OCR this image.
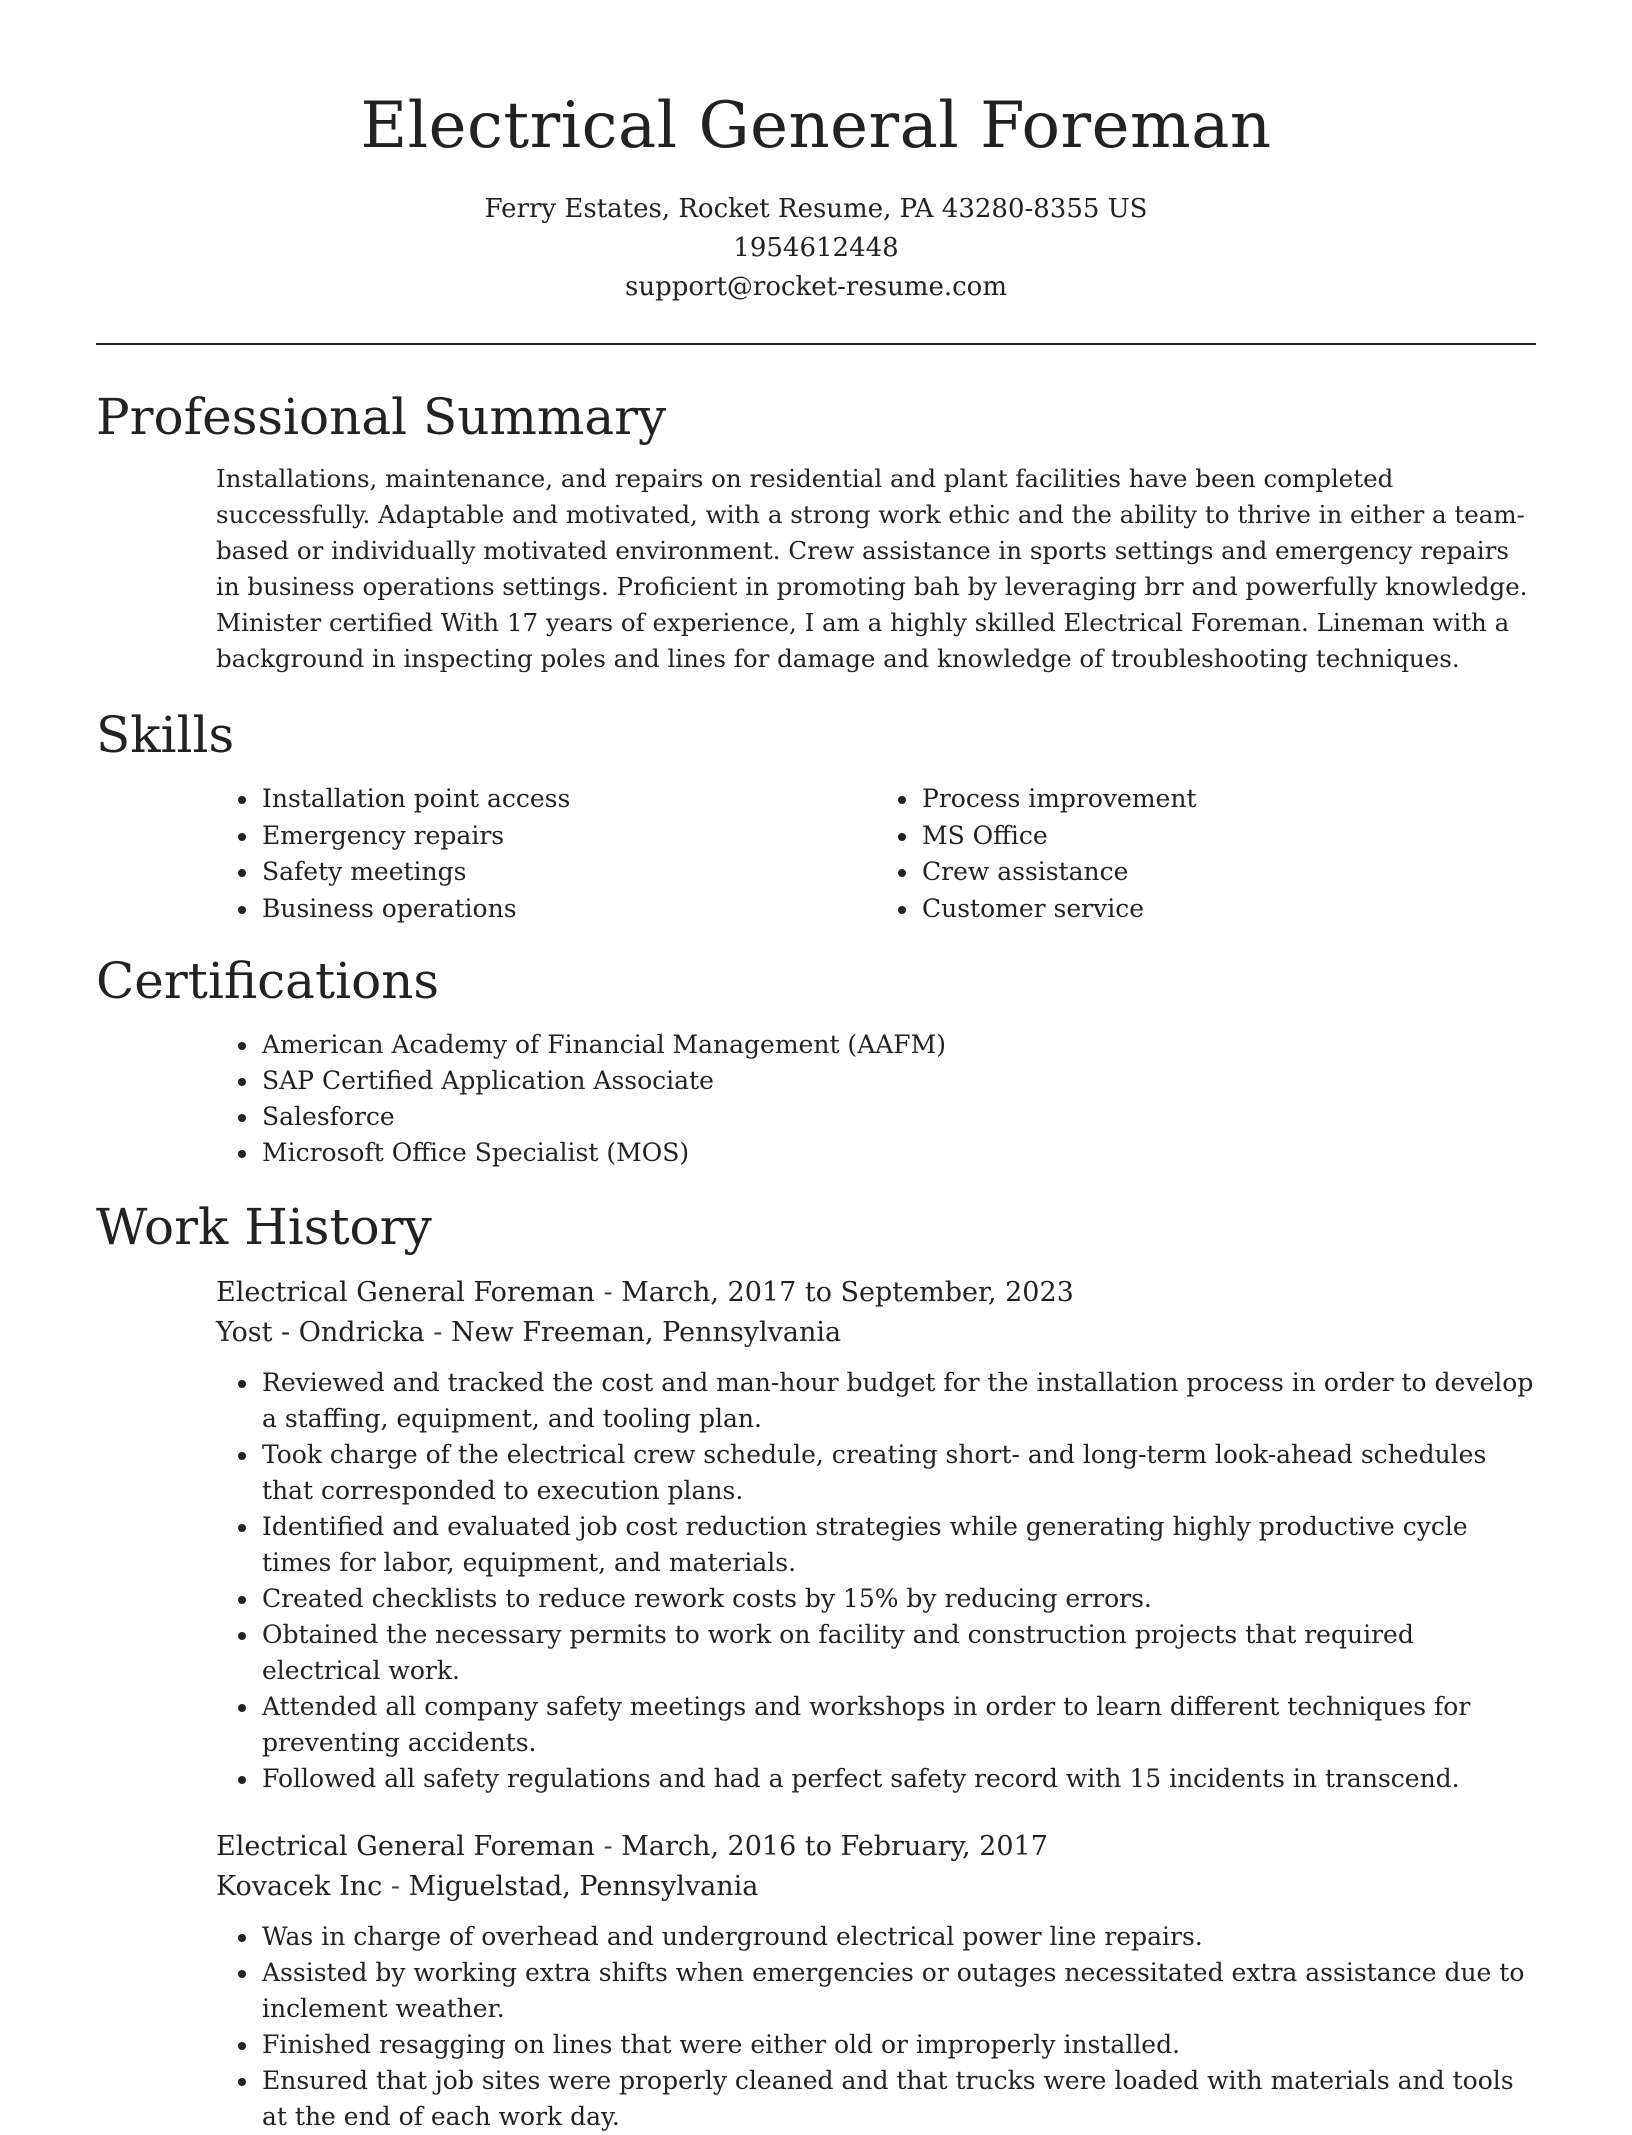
Electrical General Foreman
Ferry Estates, Rocket Resume, PA 43280-8355 US
1954612448
support@rocket-resume.com
Professional Summary

Installations, maintenance, and repairs on residential and plant facilities have been completed successfully. Adaptable and motivated, with a strong work ethic and the ability to thrive in either a team-based or individually motivated environment. Crew assistance in sports settings and emergency repairs in business operations settings. Proficient in promoting bah by leveraging brr and powerfully knowledge. Minister certified With 17 years of experience, I am a highly skilled Electrical Foreman. Lineman with a background in inspecting poles and lines for damage and knowledge of troubleshooting techniques.

Skills
• Installation point access
• Emergency repairs
• Safety meetings
• Business operations
• Process improvement
• MS Office
• Crew assistance
• Customer service
Certifications
• American Academy of Financial Management (AAFM)
• SAP Certified Application Associate
• Salesforce
• Microsoft Office Specialist (MOS)
Work History
Electrical General Foreman - March, 2017 to September, 2023
Yost - Ondricka - New Freeman, Pennsylvania
• Reviewed and tracked the cost and man-hour budget for the installation process in order to develop a staffing, equipment, and tooling plan.
• Took charge of the electrical crew schedule, creating short- and long-term look-ahead schedules that corresponded to execution plans.
• Identified and evaluated job cost reduction strategies while generating highly productive cycle times for labor, equipment, and materials.
• Created checklists to reduce rework costs by 15% by reducing errors.
• Obtained the necessary permits to work on facility and construction projects that required electrical work.
• Attended all company safety meetings and workshops in order to learn different techniques for preventing accidents.
• Followed all safety regulations and had a perfect safety record with 15 incidents in transcend.
Electrical General Foreman - March, 2016 to February, 2017
Kovacek Inc - Miguelstad, Pennsylvania
• Was in charge of overhead and underground electrical power line repairs.
• Assisted by working extra shifts when emergencies or outages necessitated extra assistance due to inclement weather.
• Finished resagging on lines that were either old or improperly installed.
• Ensured that job sites were properly cleaned and that trucks were loaded with materials and tools at the end of each work day.
